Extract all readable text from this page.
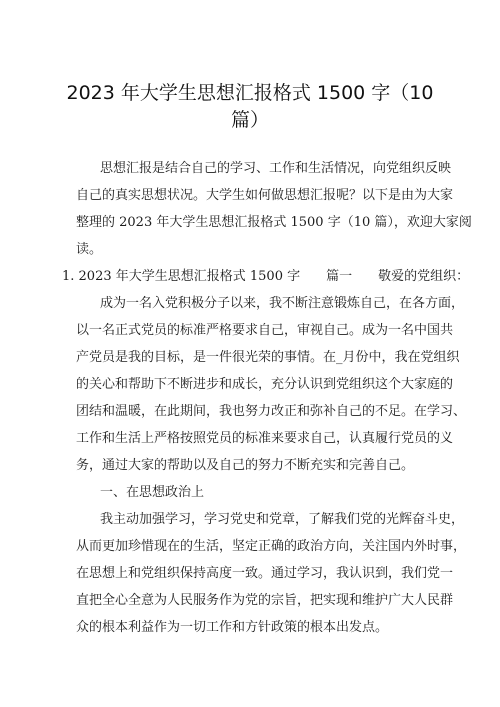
2023 年大学生思想汇报格式 1500 字（10
篇）
思想汇报是结合自己的学习、工作和生活情况，向党组织反映
自己的真实思想状况。大学生如何做思想汇报呢？以下是由为大家
整理的 2023 年大学生思想汇报格式 1500 字（10 篇），欢迎大家阅
读。
1. 2023 年大学生思想汇报格式 1500 字　　篇一　　敬爱的党组织：
成为一名入党积极分子以来，我不断注意锻炼自己，在各方面，
以一名正式党员的标准严格要求自己，审视自己。成为一名中国共
产党员是我的目标，是一件很光荣的事情。在_月份中，我在党组织
的关心和帮助下不断进步和成长，充分认识到党组织这个大家庭的
团结和温暖，在此期间，我也努力改正和弥补自己的不足。在学习、
工作和生活上严格按照党员的标准来要求自己，认真履行党员的义
务，通过大家的帮助以及自己的努力不断充实和完善自己。
一、在思想政治上
我主动加强学习，学习党史和党章，了解我们党的光辉奋斗史，
从而更加珍惜现在的生活，坚定正确的政治方向，关注国内外时事，
在思想上和党组织保持高度一致。通过学习，我认识到，我们党一
直把全心全意为人民服务作为党的宗旨，把实现和维护广大人民群
众的根本利益作为一切工作和方针政策的根本出发点。
